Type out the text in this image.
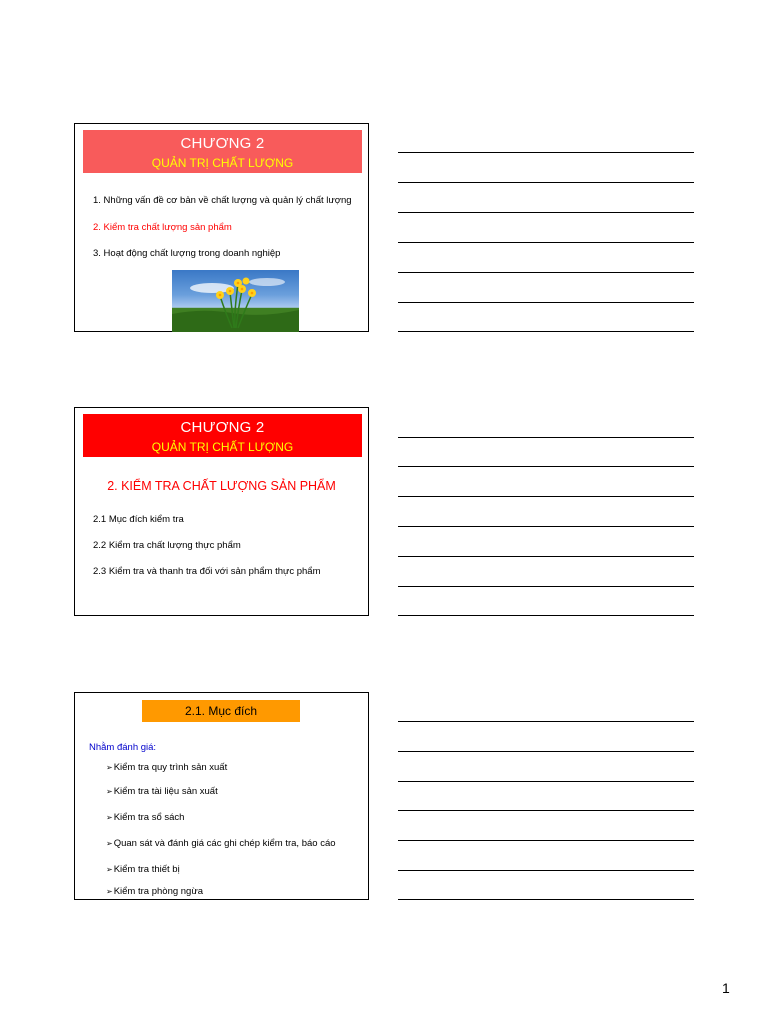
CHƯƠNG 2
QUẢN TRỊ CHẤT LƯỢNG
1. Những vấn đề cơ bản về chất lượng và quản lý chất lượng
2. Kiểm tra chất lượng sản phẩm
3. Hoạt động chất lượng trong doanh nghiệp
CHƯƠNG 2
QUẢN TRỊ CHẤT LƯỢNG
2. KIỂM TRA CHẤT LƯỢNG SẢN PHẨM
2.1 Mục đích kiểm tra
2.2 Kiểm tra chất lượng thực phẩm
2.3 Kiểm tra và thanh tra đối với sản phẩm thực phẩm
2.1. Mục đích
Nhằm đánh giá:
➢Kiểm tra quy trình sản xuất
➢Kiểm tra tài liệu sản xuất
➢Kiểm tra sổ sách
➢Quan sát và đánh giá các ghi chép kiểm tra, báo cáo
➢Kiểm tra thiết bị
➢Kiểm tra phòng ngừa
1
